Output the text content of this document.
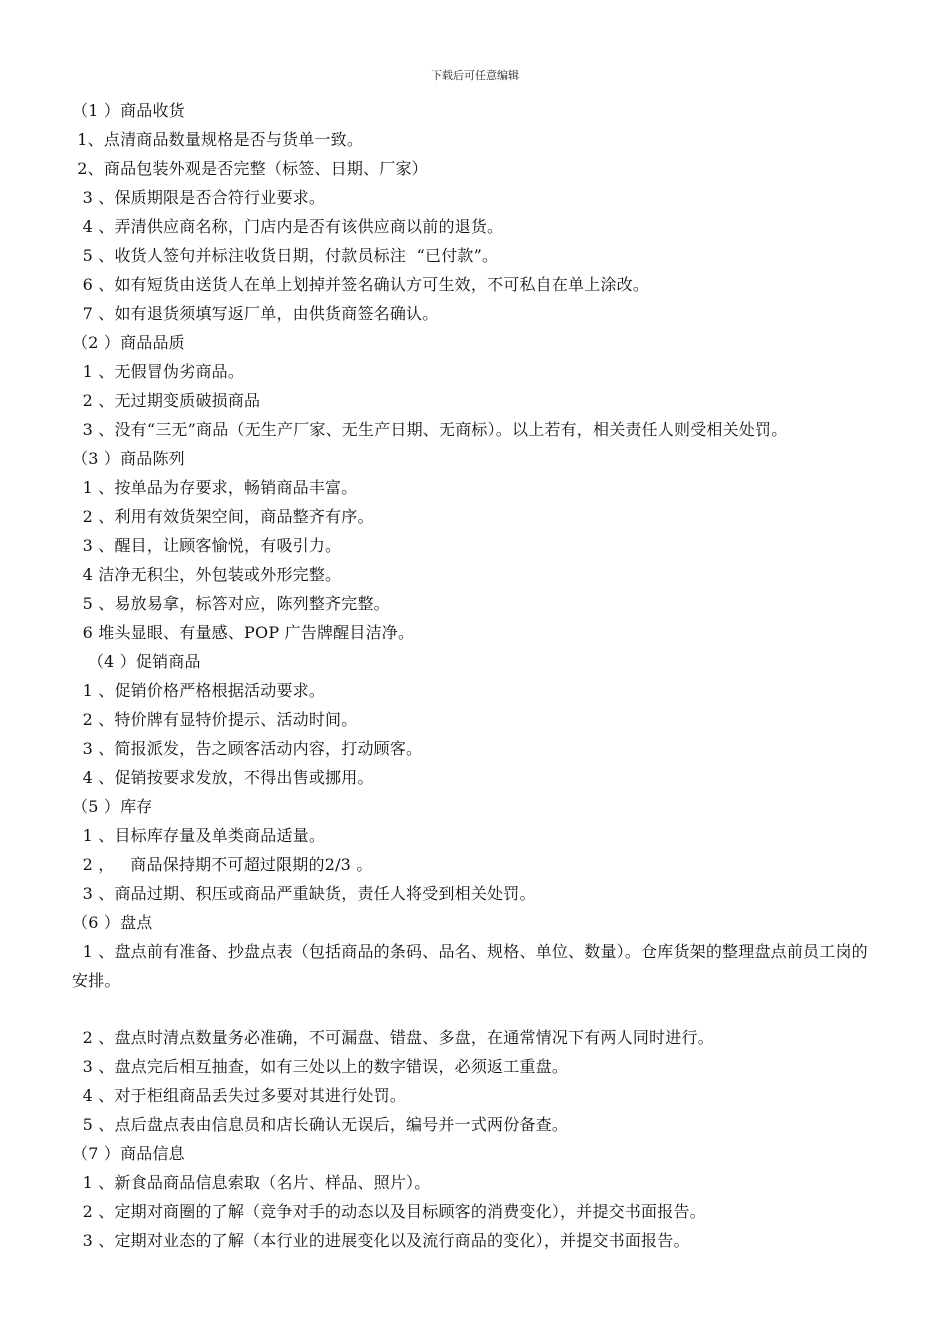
下载后可任意编辑
（1 ）商品收货
1、点清商品数量规格是否与货单一致。
2、商品包装外观是否完整（标签、日期、厂家）
3 、保质期限是否合符行业要求。
4 、弄清供应商名称，门店内是否有该供应商以前的退货。
5 、收货人签句并标注收货日期，付款员标注  “已付款”。
6 、如有短货由送货人在单上划掉并签名确认方可生效，不可私自在单上涂改。
7 、如有退货须填写返厂单，由供货商签名确认。
（2 ）商品品质
1 、无假冒伪劣商品。
2 、无过期变质破损商品
3 、没有“三无”商品（无生产厂家、无生产日期、无商标）。以上若有，相关责任人则受相关处罚。
（3 ）商品陈列
1 、按单品为存要求，畅销商品丰富。
2 、利用有效货架空间，商品整齐有序。
3 、醒目，让顾客愉悦，有吸引力。
4 洁净无积尘，外包装或外形完整。
5 、易放易拿，标答对应，陈列整齐完整。
6 堆头显眼、有量感、POP 广告牌醒目洁净。
（4 ）促销商品
1 、促销价格严格根据活动要求。
2 、特价牌有显特价提示、活动时间。
3 、简报派发，告之顾客活动内容，打动顾客。
4 、促销按要求发放，不得出售或挪用。
（5 ）库存
1 、目标库存量及单类商品适量。
2 ，   商品保持期不可超过限期的2/3 。
3 、商品过期、积压或商品严重缺货，责任人将受到相关处罚。
（6 ）盘点
1 、盘点前有准备、抄盘点表（包括商品的条码、品名、规格、单位、数量）。仓库货架的整理盘点前员工岗的安排。
2 、盘点时清点数量务必准确，不可漏盘、错盘、多盘，在通常情况下有两人同时进行。
3 、盘点完后相互抽查，如有三处以上的数字错误，必须返工重盘。
4 、对于柜组商品丢失过多要对其进行处罚。
5 、点后盘点表由信息员和店长确认无误后，编号并一式两份备查。
（7 ）商品信息
1 、新食品商品信息索取（名片、样品、照片）。
2 、定期对商圈的了解（竞争对手的动态以及目标顾客的消费变化），并提交书面报告。
3 、定期对业态的了解（本行业的进展变化以及流行商品的变化），并提交书面报告。
